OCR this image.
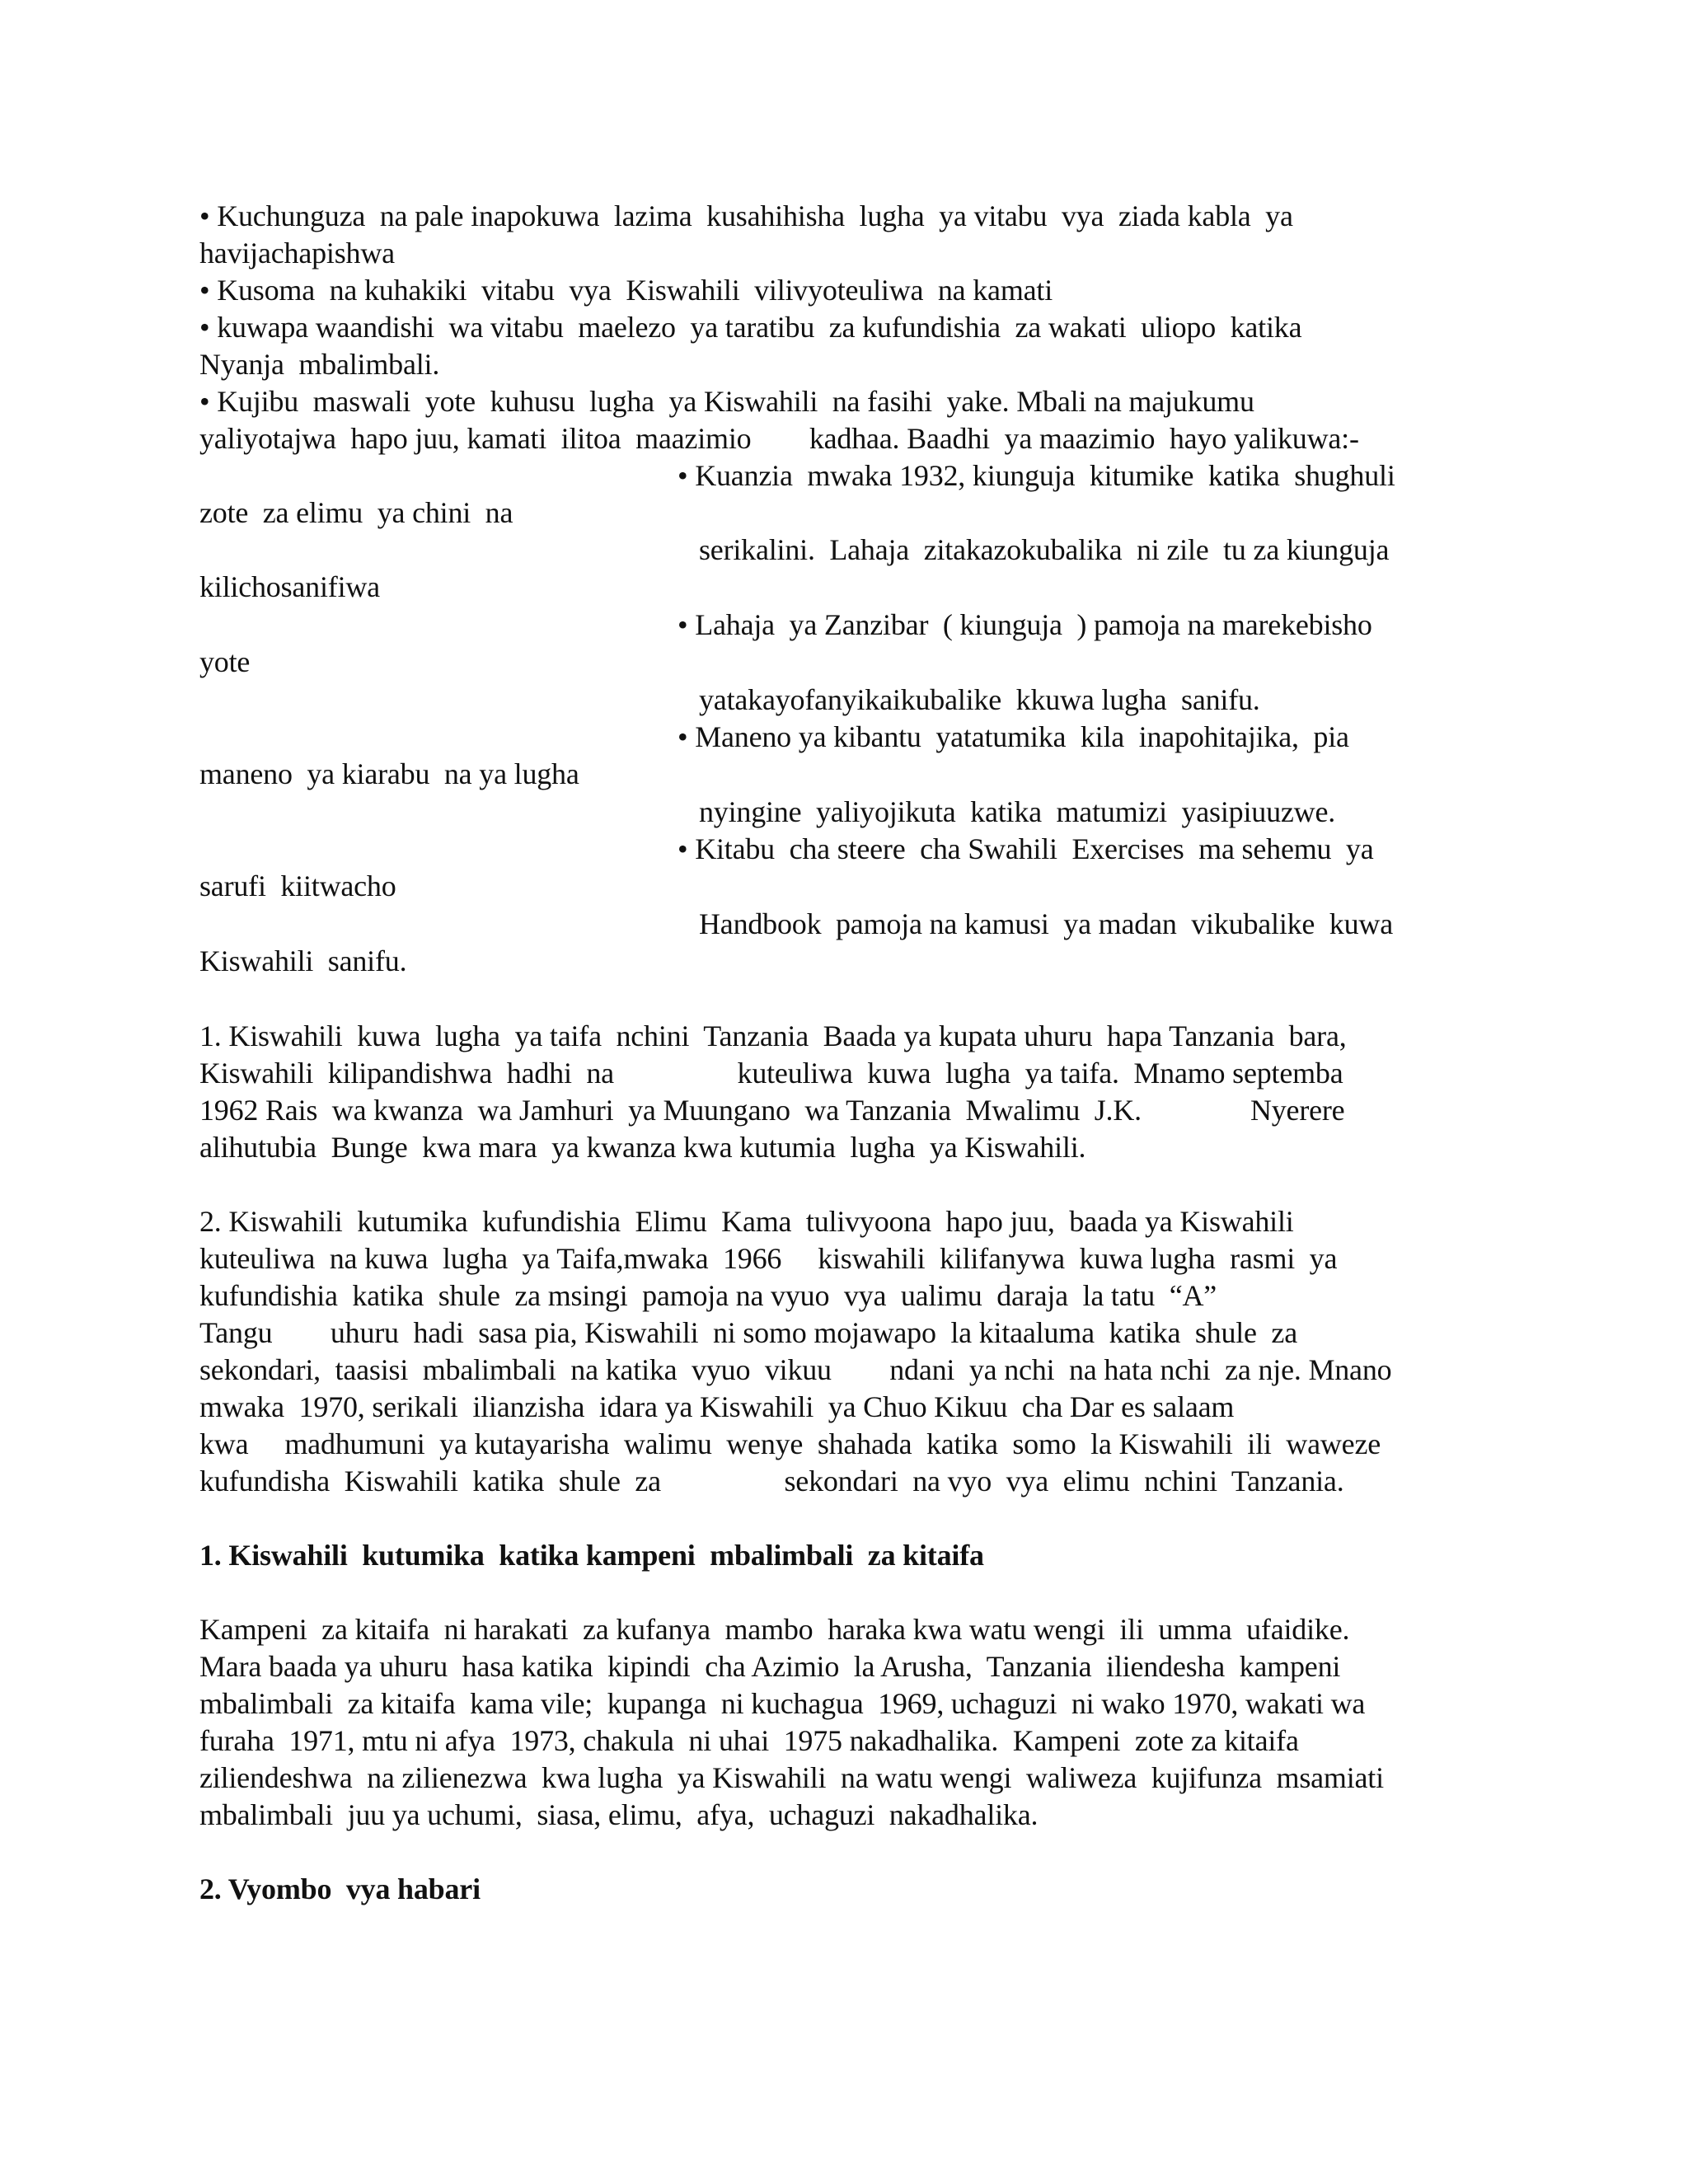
• Kuchunguza  na pale inapokuwa  lazima  kusahihisha  lugha  ya vitabu  vya  ziada kabla  ya
havijachapishwa
• Kusoma  na kuhakiki  vitabu  vya  Kiswahili  vilivyoteuliwa  na kamati
• kuwapa waandishi  wa vitabu  maelezo  ya taratibu  za kufundishia  za wakati  uliopo  katika
Nyanja  mbalimbali.
• Kujibu  maswali  yote  kuhusu  lugha  ya Kiswahili  na fasihi  yake. Mbali na majukumu
yaliyotajwa  hapo juu, kamati  ilitoa  maazimio        kadhaa. Baadhi  ya maazimio  hayo yalikuwa:-
• Kuanzia  mwaka 1932, kiunguja  kitumike  katika  shughuli
zote  za elimu  ya chini  na
serikalini.  Lahaja  zitakazokubalika  ni zile  tu za kiunguja
kilichosanifiwa
• Lahaja  ya Zanzibar  ( kiunguja  ) pamoja na marekebisho
yote
yatakayofanyikaikubalike  kkuwa lugha  sanifu.
• Maneno ya kibantu  yatatumika  kila  inapohitajika,  pia
maneno  ya kiarabu  na ya lugha
nyingine  yaliyojikuta  katika  matumizi  yasipiuuzwe.
• Kitabu  cha steere  cha Swahili  Exercises  ma sehemu  ya
sarufi  kiitwacho
Handbook  pamoja na kamusi  ya madan  vikubalike  kuwa
Kiswahili  sanifu.
1. Kiswahili  kuwa  lugha  ya taifa  nchini  Tanzania  Baada ya kupata uhuru  hapa Tanzania  bara,
Kiswahili  kilipandishwa  hadhi  na                 kuteuliwa  kuwa  lugha  ya taifa.  Mnamo septemba
1962 Rais  wa kwanza  wa Jamhuri  ya Muungano  wa Tanzania  Mwalimu  J.K.               Nyerere
alihutubia  Bunge  kwa mara  ya kwanza kwa kutumia  lugha  ya Kiswahili.
2. Kiswahili  kutumika  kufundishia  Elimu  Kama  tulivyoona  hapo juu,  baada ya Kiswahili
kuteuliwa  na kuwa  lugha  ya Taifa,mwaka  1966     kiswahili  kilifanywa  kuwa lugha  rasmi  ya
kufundishia  katika  shule  za msingi  pamoja na vyuo  vya  ualimu  daraja  la tatu  “A”
Tangu        uhuru  hadi  sasa pia, Kiswahili  ni somo mojawapo  la kitaaluma  katika  shule  za
sekondari,  taasisi  mbalimbali  na katika  vyuo  vikuu        ndani  ya nchi  na hata nchi  za nje. Mnano
mwaka  1970, serikali  ilianzisha  idara ya Kiswahili  ya Chuo Kikuu  cha Dar es salaam
kwa     madhumuni  ya kutayarisha  walimu  wenye  shahada  katika  somo  la Kiswahili  ili  waweze
kufundisha  Kiswahili  katika  shule  za                 sekondari  na vyo  vya  elimu  nchini  Tanzania.
1. Kiswahili  kutumika  katika kampeni  mbalimbali  za kitaifa
Kampeni  za kitaifa  ni harakati  za kufanya  mambo  haraka kwa watu wengi  ili  umma  ufaidike.
Mara baada ya uhuru  hasa katika  kipindi  cha Azimio  la Arusha,  Tanzania  iliendesha  kampeni
mbalimbali  za kitaifa  kama vile;  kupanga  ni kuchagua  1969, uchaguzi  ni wako 1970, wakati wa
furaha  1971, mtu ni afya  1973, chakula  ni uhai  1975 nakadhalika.  Kampeni  zote za kitaifa
ziliendeshwa  na zilienezwa  kwa lugha  ya Kiswahili  na watu wengi  waliweza  kujifunza  msamiati
mbalimbali  juu ya uchumi,  siasa, elimu,  afya,  uchaguzi  nakadhalika.
2. Vyombo  vya habari
